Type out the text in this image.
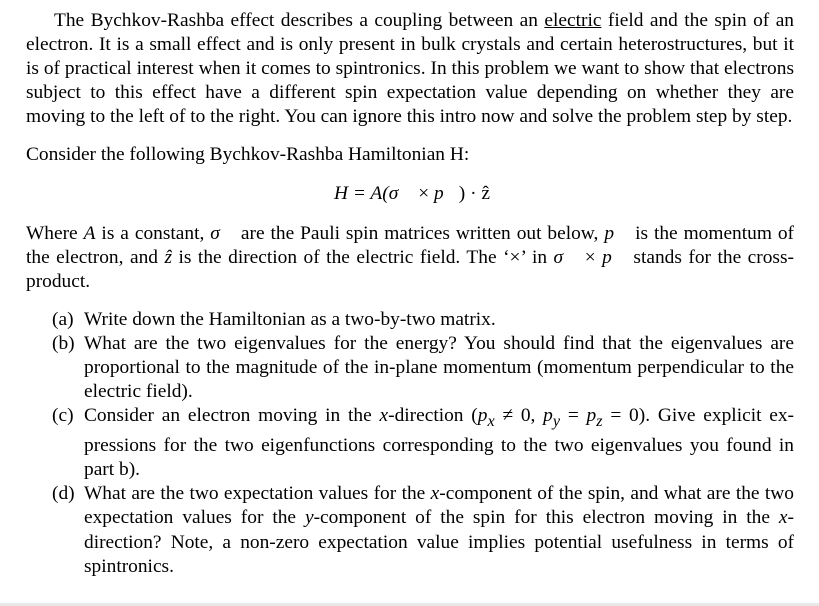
The Bychkov-Rashba effect describes a coupling between an electric field and the spin of an electron. It is a small effect and is only present in bulk crystals and certain heterostructures, but it is of practical interest when it comes to spintronics. In this problem we want to show that electrons subject to this effect have a different spin expectation value depending on whether they are moving to the left of to the right. You can ignore this intro now and solve the problem step by step.

Consider the following Bychkov-Rashba Hamiltonian H:

H = A(σ⃗ × p⃗) · ẑ

Where A is a constant, σ⃗ are the Pauli spin matrices written out below, p⃗ is the momentum of the electron, and ẑ is the direction of the electric field. The ‘×’ in σ⃗ × p⃗ stands for the cross-product.

(a) Write down the Hamiltonian as a two-by-two matrix.
(b) What are the two eigenvalues for the energy? You should find that the eigenvalues are proportional to the magnitude of the in-plane momentum (momentum perpendicular to the electric field).
(c) Consider an electron moving in the x-direction ($p_x \ne 0$, $p_y = p_z = 0$). Give explicit ex-pressions for the two eigenfunctions corresponding to the two eigenvalues you found in part b).
(d) What are the two expectation values for the x-component of the spin, and what are the two expectation values for the y-component of the spin for this electron moving in the x-direction? Note, a non-zero expectation value implies potential usefulness in terms of spintronics.
